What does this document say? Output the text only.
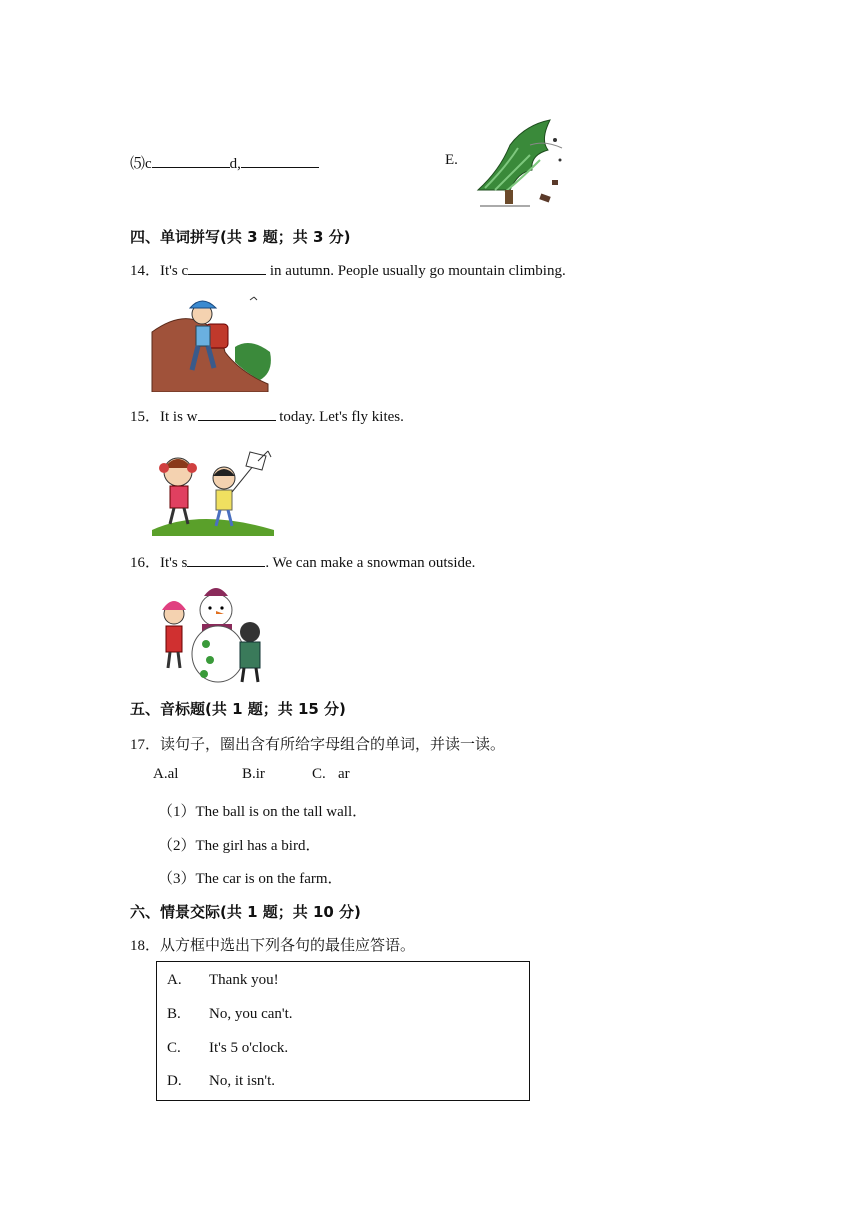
⑸c	d,	E.
四、单词拼写(共 3 题；共 3 分)
14．It's c	in autumn. People usually go mountain climbing.
15．It is w	today. Let's fly kites.
16．It's s	. We can make a snowman outside.
五、音标题(共 1 题；共 15 分)
17．读句子，圈出含有所给字母组合的单词，并读一读。
A.al	B.ir	C. ar
（1）The ball is on the tall wall．
（2）The girl has a bird．
（3）The car is on the farm．
六、情景交际(共 1 题；共 10 分)
18．从方框中选出下列各句的最佳应答语。
A. Thank you!
B. No, you can't.
C. It's 5 o'clock.
D. No, it isn't.
